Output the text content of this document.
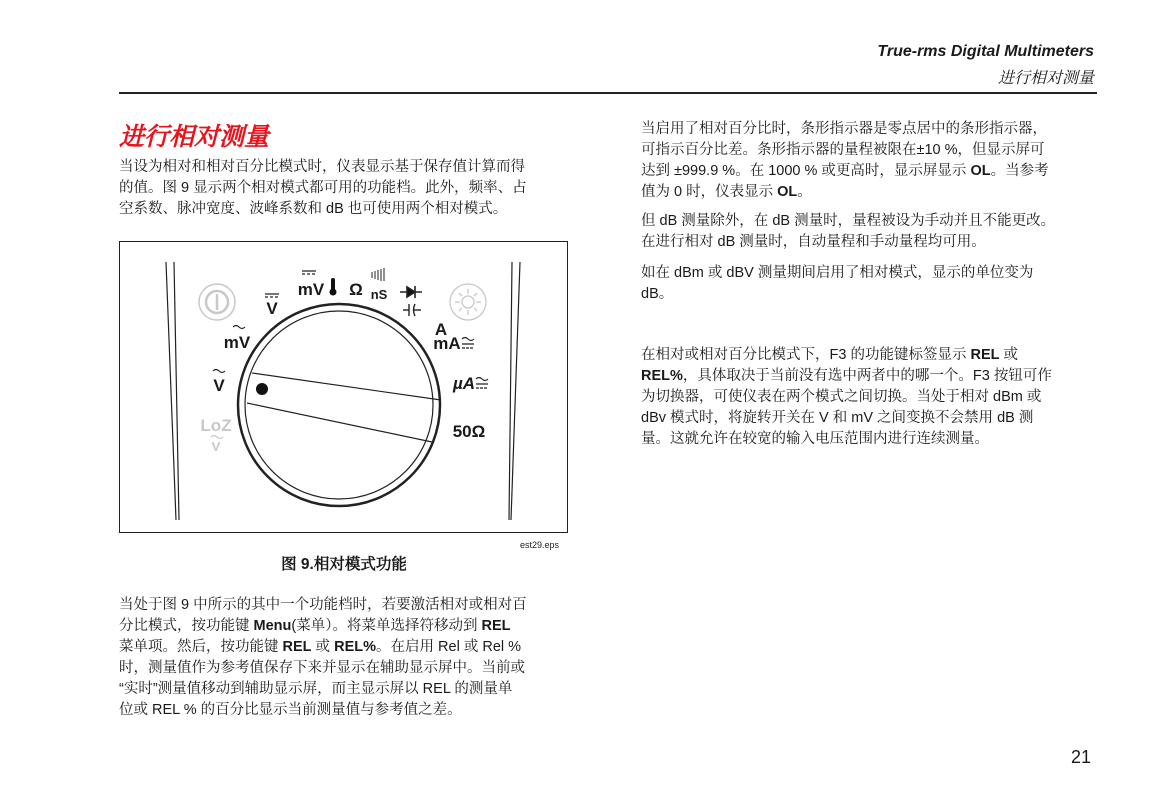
True-rms Digital Multimeters
进行相对测量
进行相对测量
当设为相对和相对百分比模式时，仪表显示基于保存值计算而得
的值。图 9 显示两个相对模式都可用的功能档。此外，频率、占
空系数、脉冲宽度、波峰系数和 dB 也可使用两个相对模式。
V
mV Ω nS
A
mA
µA
50Ω
mV
V
LoZ
V
est29.eps
图 9.相对模式功能
当处于图 9 中所示的其中一个功能档时，若要激活相对或相对百
分比模式，按功能键 Menu(菜单）。将菜单选择符移动到 REL
菜单项。然后，按功能键 REL 或 REL%。在启用 Rel 或 Rel %
时，测量值作为参考值保存下来并显示在辅助显示屏中。当前或
“实时”测量值移动到辅助显示屏，而主显示屏以 REL 的测量单
位或 REL % 的百分比显示当前测量值与参考值之差。
当启用了相对百分比时，条形指示器是零点居中的条形指示器，
可指示百分比差。条形指示器的量程被限在±10 %，但显示屏可
达到 ±999.9 %。在 1000 % 或更高时，显示屏显示 OL。当参考
值为 0 时，仪表显示 OL。
但 dB 测量除外，在 dB 测量时，量程被设为手动并且不能更改。
在进行相对 dB 测量时，自动量程和手动量程均可用。
如在 dBm 或 dBV 测量期间启用了相对模式，显示的单位变为
dB。
在相对或相对百分比模式下，F3 的功能键标签显示 REL 或
REL%，具体取决于当前没有选中两者中的哪一个。F3 按钮可作
为切换器，可使仪表在两个模式之间切换。当处于相对 dBm 或
dBv 模式时，将旋转开关在 V 和 mV 之间变换不会禁用 dB 测
量。这就允许在较宽的输入电压范围内进行连续测量。
21
